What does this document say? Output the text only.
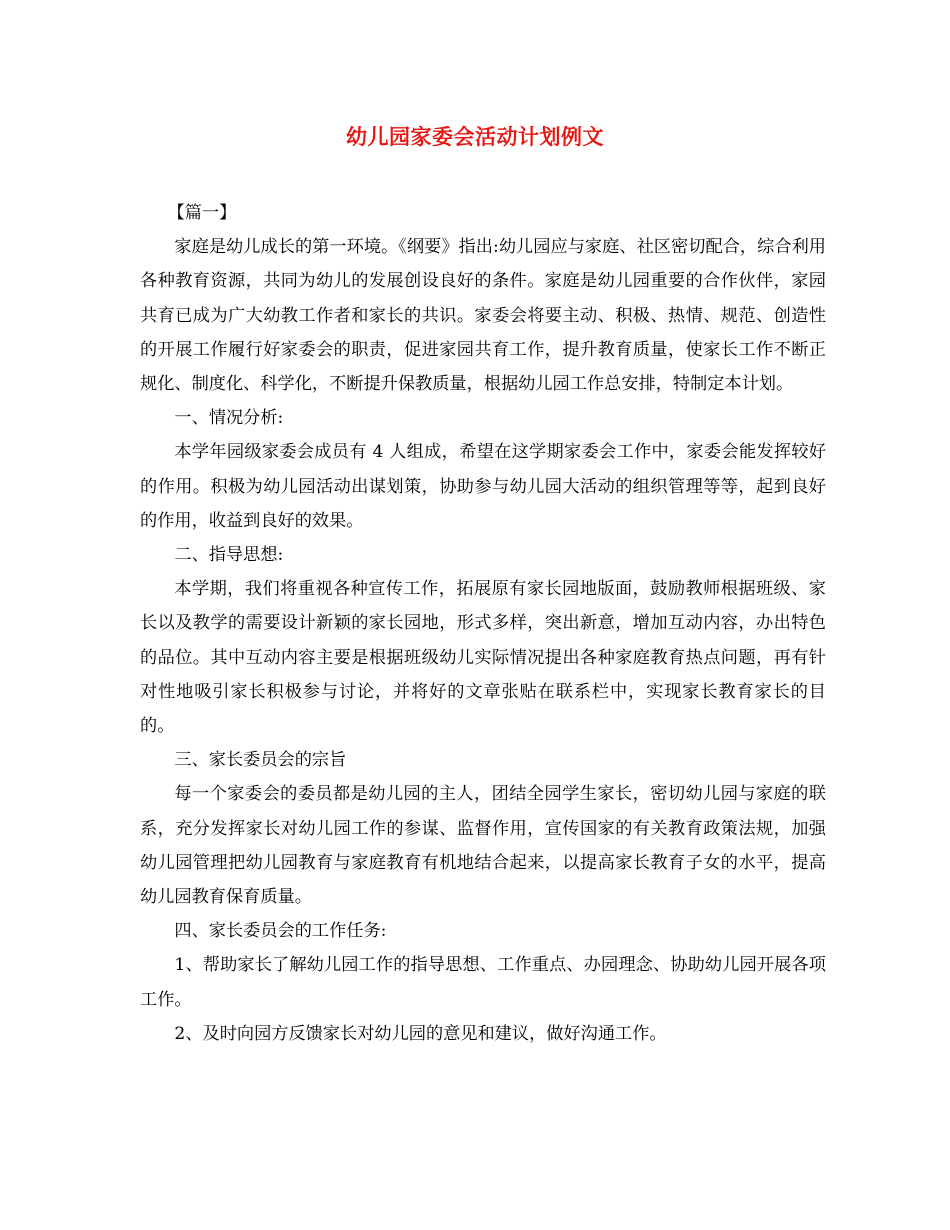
幼儿园家委会活动计划例文

【篇一】

家庭是幼儿成长的第一环境。《纲要》指出:幼儿园应与家庭、社区密切配合，综合利用各种教育资源，共同为幼儿的发展创设良好的条件。家庭是幼儿园重要的合作伙伴，家园共育已成为广大幼教工作者和家长的共识。家委会将要主动、积极、热情、规范、创造性的开展工作履行好家委会的职责，促进家园共育工作，提升教育质量，使家长工作不断正规化、制度化、科学化，不断提升保教质量，根据幼儿园工作总安排，特制定本计划。

一、情况分析:

本学年园级家委会成员有 4 人组成，希望在这学期家委会工作中，家委会能发挥较好的作用。积极为幼儿园活动出谋划策，协助参与幼儿园大活动的组织管理等等，起到良好的作用，收益到良好的效果。

二、指导思想:

本学期，我们将重视各种宣传工作，拓展原有家长园地版面，鼓励教师根据班级、家长以及教学的需要设计新颖的家长园地，形式多样，突出新意，增加互动内容，办出特色的品位。其中互动内容主要是根据班级幼儿实际情况提出各种家庭教育热点问题，再有针对性地吸引家长积极参与讨论，并将好的文章张贴在联系栏中，实现家长教育家长的目的。

三、家长委员会的宗旨

每一个家委会的委员都是幼儿园的主人，团结全园学生家长，密切幼儿园与家庭的联系，充分发挥家长对幼儿园工作的参谋、监督作用，宣传国家的有关教育政策法规，加强幼儿园管理把幼儿园教育与家庭教育有机地结合起来，以提高家长教育子女的水平，提高幼儿园教育保育质量。

四、家长委员会的工作任务:

1、帮助家长了解幼儿园工作的指导思想、工作重点、办园理念、协助幼儿园开展各项工作。

2、及时向园方反馈家长对幼儿园的意见和建议，做好沟通工作。
